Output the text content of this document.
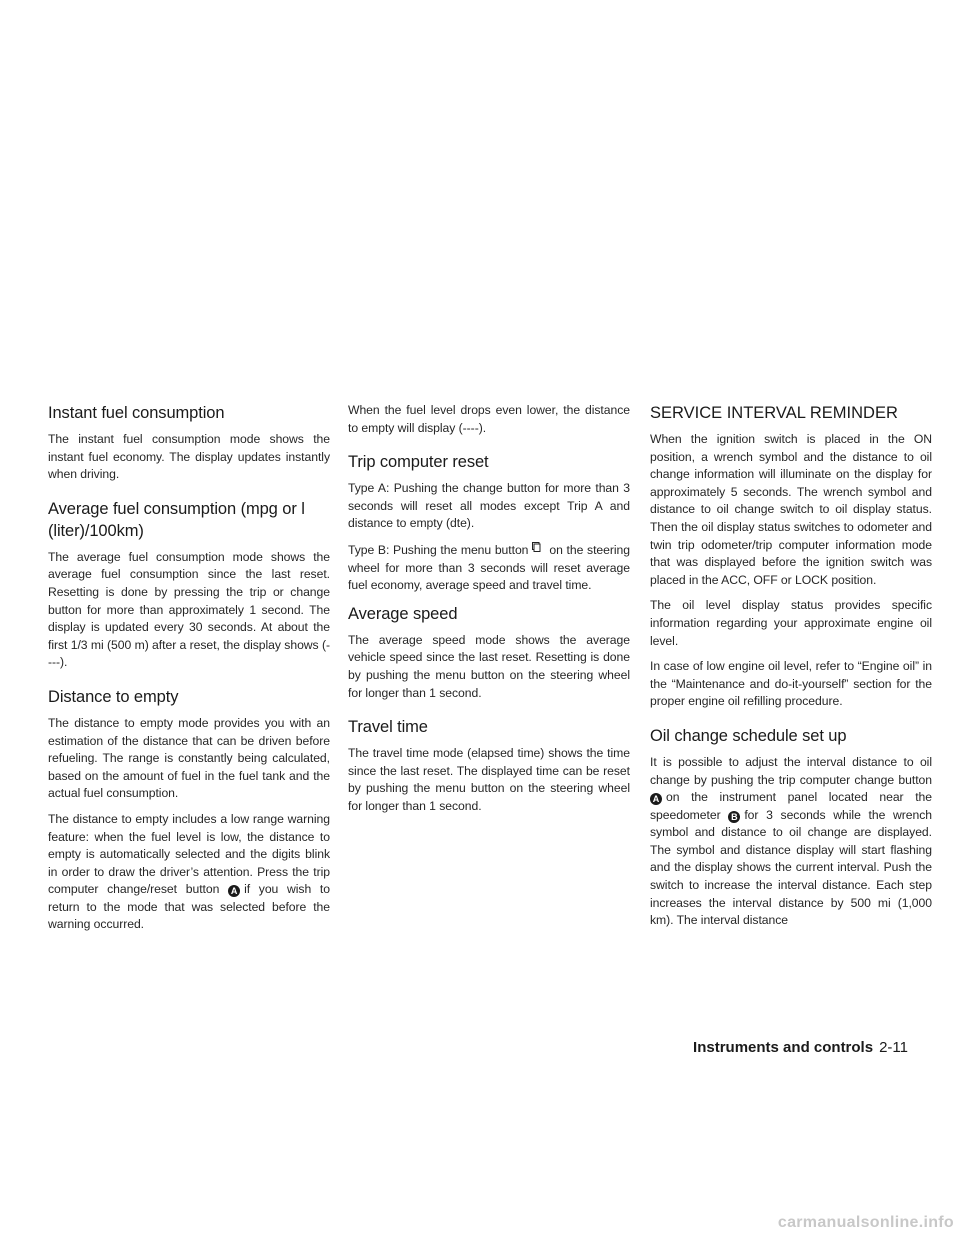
Instant fuel consumption

The instant fuel consumption mode shows the instant fuel economy. The display updates instantly when driving.

Average fuel consumption (mpg or l
(liter)/100km)

The average fuel consumption mode shows the average fuel consumption since the last reset. Resetting is done by pressing the trip or change button for more than approximately 1 second. The display is updated every 30 seconds. At about the first 1/3 mi (500 m) after a reset, the display shows (----).

Distance to empty

The distance to empty mode provides you with an estimation of the distance that can be driven before refueling. The range is constantly being calculated, based on the amount of fuel in the fuel tank and the actual fuel consumption.

The distance to empty includes a low range warning feature: when the fuel level is low, the distance to empty is automatically selected and the digits blink in order to draw the driver’s attention. Press the trip computer change/reset button A if you wish to return to the mode that was selected before the warning occurred.

When the fuel level drops even lower, the distance to empty will display (----).

Trip computer reset

Type A: Pushing the change button for more than 3 seconds will reset all modes except Trip A and distance to empty (dte).

Type B: Pushing the menu button on the steering wheel for more than 3 seconds will reset average fuel economy, average speed and travel time.

Average speed

The average speed mode shows the average vehicle speed since the last reset. Resetting is done by pushing the menu button on the steering wheel for longer than 1 second.

Travel time

The travel time mode (elapsed time) shows the time since the last reset. The displayed time can be reset by pushing the menu button on the steering wheel for longer than 1 second.

SERVICE INTERVAL REMINDER

When the ignition switch is placed in the ON position, a wrench symbol and the distance to oil change information will illuminate on the display for approximately 5 seconds. The wrench symbol and distance to oil change switch to oil display status. Then the oil display status switches to odometer and twin trip odometer/trip computer information mode that was displayed before the ignition switch was placed in the ACC, OFF or LOCK position.

The oil level display status provides specific information regarding your approximate engine oil level.

In case of low engine oil level, refer to “Engine oil” in the “Maintenance and do-it-yourself” section for the proper engine oil refilling procedure.

Oil change schedule set up

It is possible to adjust the interval distance to oil change by pushing the trip computer change button A on the instrument panel located near the speedometer B for 3 seconds while the wrench symbol and distance to oil change are displayed. The symbol and distance display will start flashing and the display shows the current interval. Push the switch to increase the interval distance. Each step increases the interval distance by 500 mi (1,000 km). The interval distance

Instruments and controls 2-11
carmanualsonline.info
